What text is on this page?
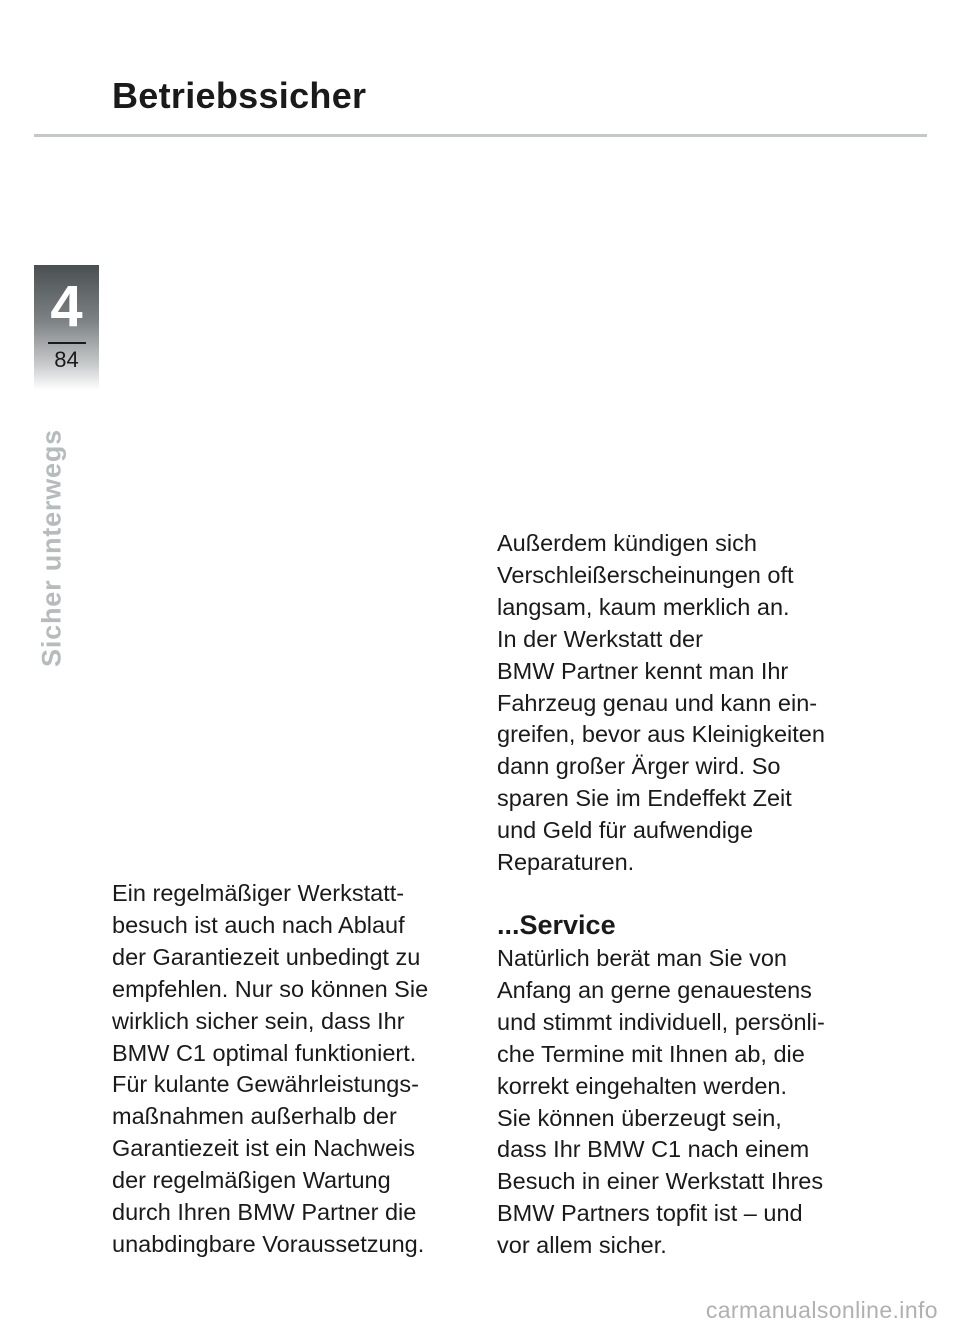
Betriebssicher
4
84
Sicher unterwegs	Außerdem kündigen sich
Verschleißerscheinungen oft
langsam, kaum merklich an.
In der Werkstatt der
BMW Partner kennt man Ihr
Fahrzeug genau und kann ein-
greifen, bevor aus Kleinigkeiten
dann großer Ärger wird. So
sparen Sie im Endeffekt Zeit
und Geld für aufwendige
Reparaturen.

...Service

Natürlich berät man Sie von
Anfang an gerne genauestens
und stimmt individuell, persönli-
che Termine mit Ihnen ab, die
korrekt eingehalten werden.
Sie können überzeugt sein,
dass Ihr BMW C1 nach einem
Besuch in einer Werkstatt Ihres
BMW Partners topfit ist – und
vor allem sicher.

Ein regelmäßiger Werkstatt-
besuch ist auch nach Ablauf
der Garantiezeit unbedingt zu
empfehlen. Nur so können Sie
wirklich sicher sein, dass Ihr
BMW C1 optimal funktioniert.
Für kulante Gewährleistungs-
maßnahmen außerhalb der
Garantiezeit ist ein Nachweis
der regelmäßigen Wartung
durch Ihren BMW Partner die
unabdingbare Voraussetzung.

carmanualsonline.info
